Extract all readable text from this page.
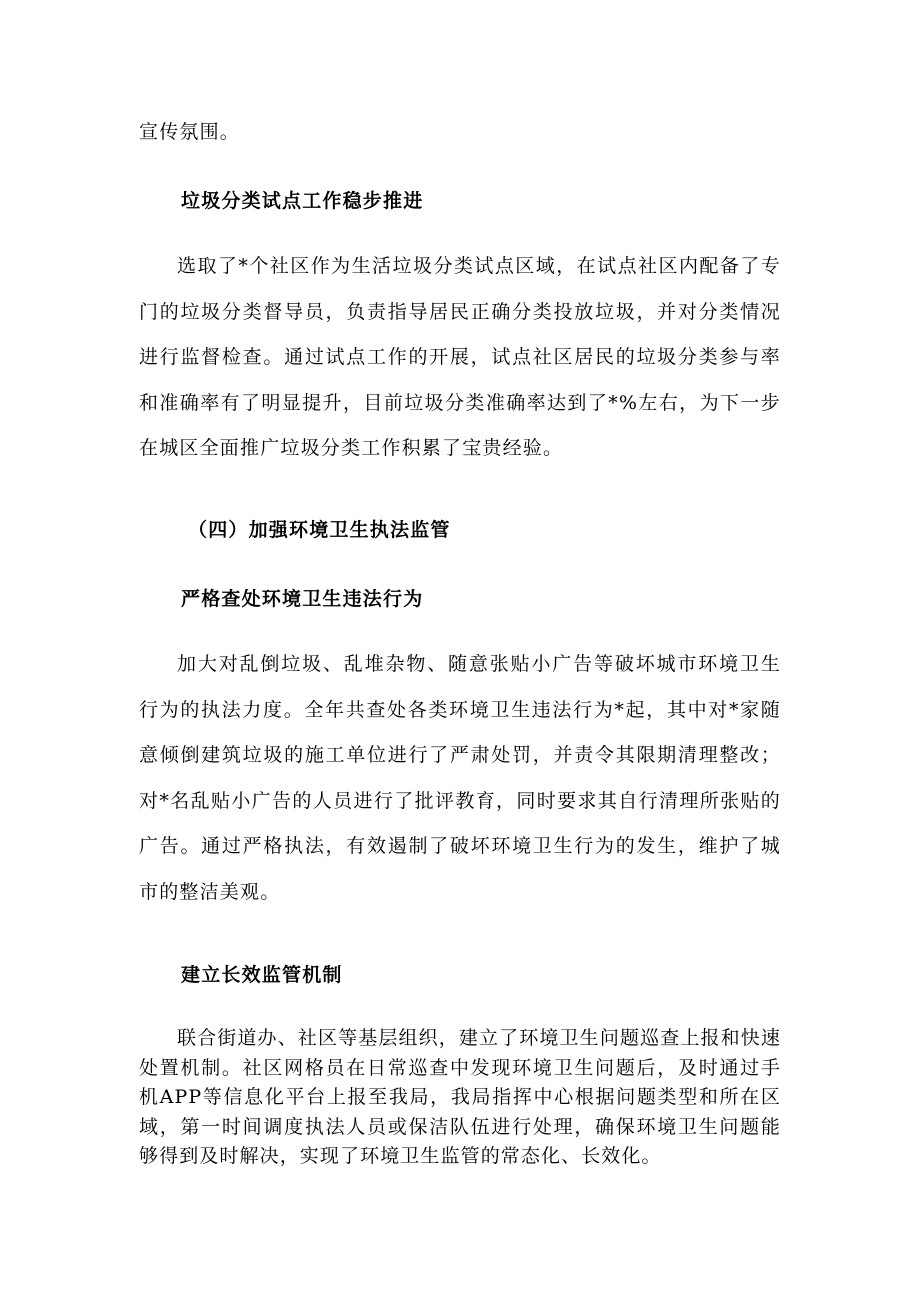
宣传氛围。

垃圾分类试点工作稳步推进

选取了*个社区作为生活垃圾分类试点区域，在试点社区内配备了专门的垃圾分类督导员，负责指导居民正确分类投放垃圾，并对分类情况进行监督检查。通过试点工作的开展，试点社区居民的垃圾分类参与率和准确率有了明显提升，目前垃圾分类准确率达到了*%左右，为下一步在城区全面推广垃圾分类工作积累了宝贵经验。

（四）加强环境卫生执法监管
严格查处环境卫生违法行为

加大对乱倒垃圾、乱堆杂物、随意张贴小广告等破坏城市环境卫生行为的执法力度。全年共查处各类环境卫生违法行为*起，其中对*家随意倾倒建筑垃圾的施工单位进行了严肃处罚，并责令其限期清理整改；对*名乱贴小广告的人员进行了批评教育，同时要求其自行清理所张贴的广告。通过严格执法，有效遏制了破坏环境卫生行为的发生，维护了城市的整洁美观。

建立长效监管机制

联合街道办、社区等基层组织，建立了环境卫生问题巡查上报和快速处置机制。社区网格员在日常巡查中发现环境卫生问题后，及时通过手机APP等信息化平台上报至我局，我局指挥中心根据问题类型和所在区域，第一时间调度执法人员或保洁队伍进行处理，确保环境卫生问题能够得到及时解决，实现了环境卫生监管的常态化、长效化。
